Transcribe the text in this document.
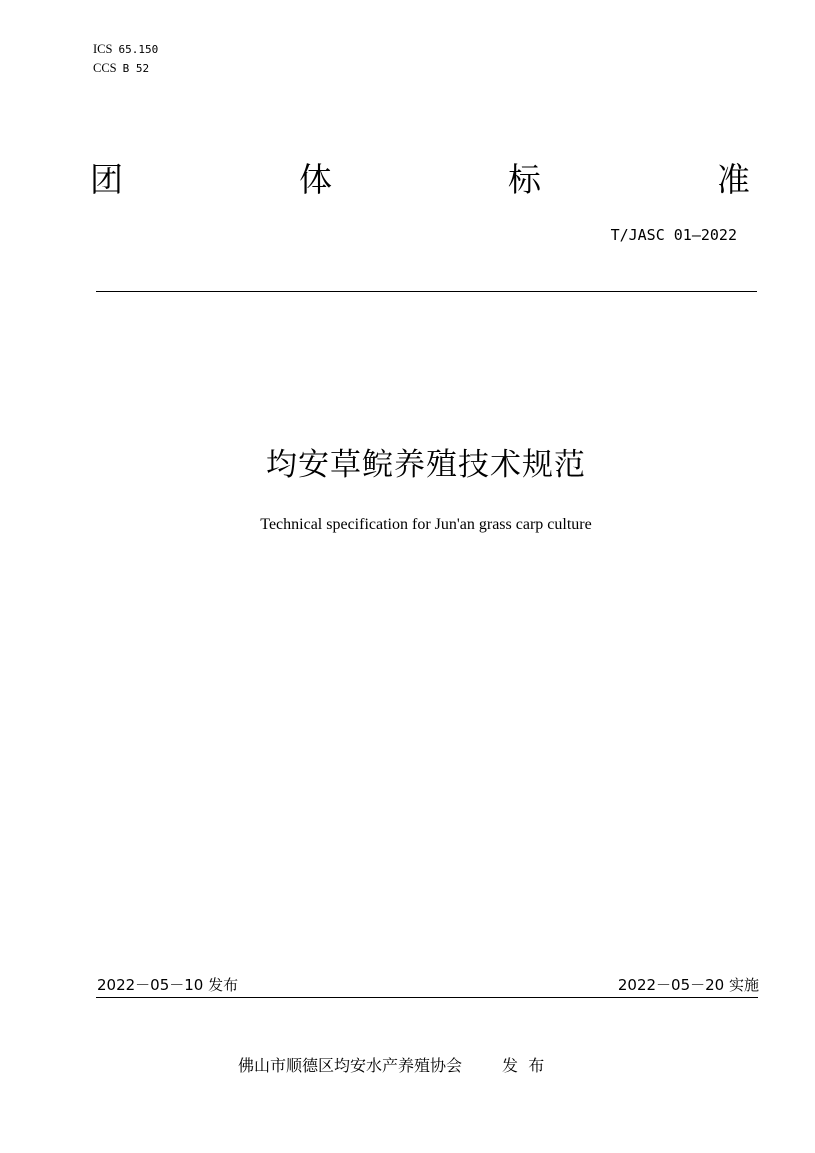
ICS 65.150
CCS B 52
团	体	标	准
T/JASC 01—2022
均安草鲩养殖技术规范
Technical specification for Jun'an grass carp culture
2022－05－10 发布	2022－05－20 实施
佛山市顺德区均安水产养殖协会	发  布
